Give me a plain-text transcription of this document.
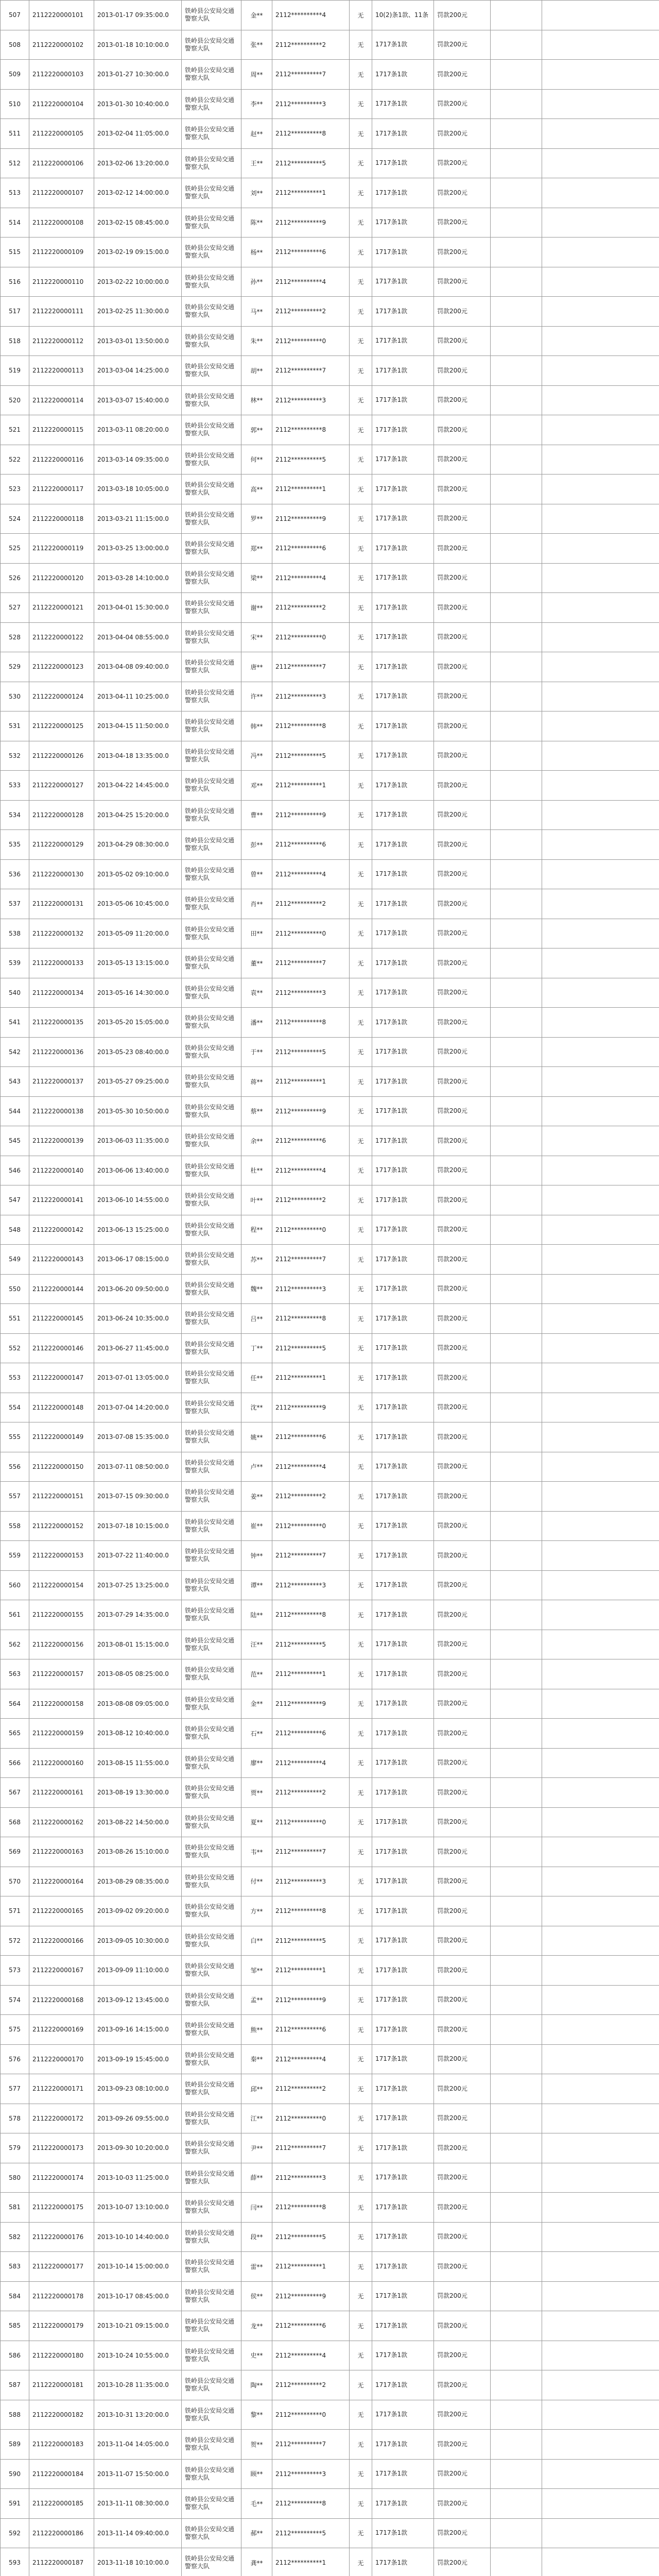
507	2112220000101	2013-01-17 09:35:00.0	铁岭县公安局交通警察大队	金**	2112**********4	无	10(2)条1款、11条	罚款200元		
508	2112220000102	2013-01-18 10:10:00.0	铁岭县公安局交通警察大队	张**	2112**********2	无	1717条1款	罚款200元		
509	2112220000103	2013-01-27 10:30:00.0	铁岭县公安局交通警察大队	周**	2112**********7	无	1717条1款	罚款200元		
510	2112220000104	2013-01-30 10:40:00.0	铁岭县公安局交通警察大队	李**	2112**********3	无	1717条1款	罚款200元		
511	2112220000105	2013-02-04 11:05:00.0	铁岭县公安局交通警察大队	赵**	2112**********8	无	1717条1款	罚款200元		
512	2112220000106	2013-02-06 13:20:00.0	铁岭县公安局交通警察大队	王**	2112**********5	无	1717条1款	罚款200元		
513	2112220000107	2013-02-12 14:00:00.0	铁岭县公安局交通警察大队	刘**	2112**********1	无	1717条1款	罚款200元		
514	2112220000108	2013-02-15 08:45:00.0	铁岭县公安局交通警察大队	陈**	2112**********9	无	1717条1款	罚款200元		
515	2112220000109	2013-02-19 09:15:00.0	铁岭县公安局交通警察大队	杨**	2112**********6	无	1717条1款	罚款200元		
516	2112220000110	2013-02-22 10:00:00.0	铁岭县公安局交通警察大队	孙**	2112**********4	无	1717条1款	罚款200元		
517	2112220000111	2013-02-25 11:30:00.0	铁岭县公安局交通警察大队	马**	2112**********2	无	1717条1款	罚款200元		
518	2112220000112	2013-03-01 13:50:00.0	铁岭县公安局交通警察大队	朱**	2112**********0	无	1717条1款	罚款200元		
519	2112220000113	2013-03-04 14:25:00.0	铁岭县公安局交通警察大队	胡**	2112**********7	无	1717条1款	罚款200元		
520	2112220000114	2013-03-07 15:40:00.0	铁岭县公安局交通警察大队	林**	2112**********3	无	1717条1款	罚款200元		
521	2112220000115	2013-03-11 08:20:00.0	铁岭县公安局交通警察大队	郭**	2112**********8	无	1717条1款	罚款200元		
522	2112220000116	2013-03-14 09:35:00.0	铁岭县公安局交通警察大队	何**	2112**********5	无	1717条1款	罚款200元		
523	2112220000117	2013-03-18 10:05:00.0	铁岭县公安局交通警察大队	高**	2112**********1	无	1717条1款	罚款200元		
524	2112220000118	2013-03-21 11:15:00.0	铁岭县公安局交通警察大队	罗**	2112**********9	无	1717条1款	罚款200元		
525	2112220000119	2013-03-25 13:00:00.0	铁岭县公安局交通警察大队	郑**	2112**********6	无	1717条1款	罚款200元		
526	2112220000120	2013-03-28 14:10:00.0	铁岭县公安局交通警察大队	梁**	2112**********4	无	1717条1款	罚款200元		
527	2112220000121	2013-04-01 15:30:00.0	铁岭县公安局交通警察大队	谢**	2112**********2	无	1717条1款	罚款200元		
528	2112220000122	2013-04-04 08:55:00.0	铁岭县公安局交通警察大队	宋**	2112**********0	无	1717条1款	罚款200元		
529	2112220000123	2013-04-08 09:40:00.0	铁岭县公安局交通警察大队	唐**	2112**********7	无	1717条1款	罚款200元		
530	2112220000124	2013-04-11 10:25:00.0	铁岭县公安局交通警察大队	许**	2112**********3	无	1717条1款	罚款200元		
531	2112220000125	2013-04-15 11:50:00.0	铁岭县公安局交通警察大队	韩**	2112**********8	无	1717条1款	罚款200元		
532	2112220000126	2013-04-18 13:35:00.0	铁岭县公安局交通警察大队	冯**	2112**********5	无	1717条1款	罚款200元		
533	2112220000127	2013-04-22 14:45:00.0	铁岭县公安局交通警察大队	邓**	2112**********1	无	1717条1款	罚款200元		
534	2112220000128	2013-04-25 15:20:00.0	铁岭县公安局交通警察大队	曹**	2112**********9	无	1717条1款	罚款200元		
535	2112220000129	2013-04-29 08:30:00.0	铁岭县公安局交通警察大队	彭**	2112**********6	无	1717条1款	罚款200元		
536	2112220000130	2013-05-02 09:10:00.0	铁岭县公安局交通警察大队	曾**	2112**********4	无	1717条1款	罚款200元		
537	2112220000131	2013-05-06 10:45:00.0	铁岭县公安局交通警察大队	肖**	2112**********2	无	1717条1款	罚款200元		
538	2112220000132	2013-05-09 11:20:00.0	铁岭县公安局交通警察大队	田**	2112**********0	无	1717条1款	罚款200元		
539	2112220000133	2013-05-13 13:15:00.0	铁岭县公安局交通警察大队	董**	2112**********7	无	1717条1款	罚款200元		
540	2112220000134	2013-05-16 14:30:00.0	铁岭县公安局交通警察大队	袁**	2112**********3	无	1717条1款	罚款200元		
541	2112220000135	2013-05-20 15:05:00.0	铁岭县公安局交通警察大队	潘**	2112**********8	无	1717条1款	罚款200元		
542	2112220000136	2013-05-23 08:40:00.0	铁岭县公安局交通警察大队	于**	2112**********5	无	1717条1款	罚款200元		
543	2112220000137	2013-05-27 09:25:00.0	铁岭县公安局交通警察大队	蒋**	2112**********1	无	1717条1款	罚款200元		
544	2112220000138	2013-05-30 10:50:00.0	铁岭县公安局交通警察大队	蔡**	2112**********9	无	1717条1款	罚款200元		
545	2112220000139	2013-06-03 11:35:00.0	铁岭县公安局交通警察大队	余**	2112**********6	无	1717条1款	罚款200元		
546	2112220000140	2013-06-06 13:40:00.0	铁岭县公安局交通警察大队	杜**	2112**********4	无	1717条1款	罚款200元		
547	2112220000141	2013-06-10 14:55:00.0	铁岭县公安局交通警察大队	叶**	2112**********2	无	1717条1款	罚款200元		
548	2112220000142	2013-06-13 15:25:00.0	铁岭县公安局交通警察大队	程**	2112**********0	无	1717条1款	罚款200元		
549	2112220000143	2013-06-17 08:15:00.0	铁岭县公安局交通警察大队	苏**	2112**********7	无	1717条1款	罚款200元		
550	2112220000144	2013-06-20 09:50:00.0	铁岭县公安局交通警察大队	魏**	2112**********3	无	1717条1款	罚款200元		
551	2112220000145	2013-06-24 10:35:00.0	铁岭县公安局交通警察大队	吕**	2112**********8	无	1717条1款	罚款200元		
552	2112220000146	2013-06-27 11:45:00.0	铁岭县公安局交通警察大队	丁**	2112**********5	无	1717条1款	罚款200元		
553	2112220000147	2013-07-01 13:05:00.0	铁岭县公安局交通警察大队	任**	2112**********1	无	1717条1款	罚款200元		
554	2112220000148	2013-07-04 14:20:00.0	铁岭县公安局交通警察大队	沈**	2112**********9	无	1717条1款	罚款200元		
555	2112220000149	2013-07-08 15:35:00.0	铁岭县公安局交通警察大队	姚**	2112**********6	无	1717条1款	罚款200元		
556	2112220000150	2013-07-11 08:50:00.0	铁岭县公安局交通警察大队	卢**	2112**********4	无	1717条1款	罚款200元		
557	2112220000151	2013-07-15 09:30:00.0	铁岭县公安局交通警察大队	姜**	2112**********2	无	1717条1款	罚款200元		
558	2112220000152	2013-07-18 10:15:00.0	铁岭县公安局交通警察大队	崔**	2112**********0	无	1717条1款	罚款200元		
559	2112220000153	2013-07-22 11:40:00.0	铁岭县公安局交通警察大队	钟**	2112**********7	无	1717条1款	罚款200元		
560	2112220000154	2013-07-25 13:25:00.0	铁岭县公安局交通警察大队	谭**	2112**********3	无	1717条1款	罚款200元		
561	2112220000155	2013-07-29 14:35:00.0	铁岭县公安局交通警察大队	陆**	2112**********8	无	1717条1款	罚款200元		
562	2112220000156	2013-08-01 15:15:00.0	铁岭县公安局交通警察大队	汪**	2112**********5	无	1717条1款	罚款200元		
563	2112220000157	2013-08-05 08:25:00.0	铁岭县公安局交通警察大队	范**	2112**********1	无	1717条1款	罚款200元		
564	2112220000158	2013-08-08 09:05:00.0	铁岭县公安局交通警察大队	金**	2112**********9	无	1717条1款	罚款200元		
565	2112220000159	2013-08-12 10:40:00.0	铁岭县公安局交通警察大队	石**	2112**********6	无	1717条1款	罚款200元		
566	2112220000160	2013-08-15 11:55:00.0	铁岭县公安局交通警察大队	廖**	2112**********4	无	1717条1款	罚款200元		
567	2112220000161	2013-08-19 13:30:00.0	铁岭县公安局交通警察大队	贾**	2112**********2	无	1717条1款	罚款200元		
568	2112220000162	2013-08-22 14:50:00.0	铁岭县公安局交通警察大队	夏**	2112**********0	无	1717条1款	罚款200元		
569	2112220000163	2013-08-26 15:10:00.0	铁岭县公安局交通警察大队	韦**	2112**********7	无	1717条1款	罚款200元		
570	2112220000164	2013-08-29 08:35:00.0	铁岭县公安局交通警察大队	付**	2112**********3	无	1717条1款	罚款200元		
571	2112220000165	2013-09-02 09:20:00.0	铁岭县公安局交通警察大队	方**	2112**********8	无	1717条1款	罚款200元		
572	2112220000166	2013-09-05 10:30:00.0	铁岭县公安局交通警察大队	白**	2112**********5	无	1717条1款	罚款200元		
573	2112220000167	2013-09-09 11:10:00.0	铁岭县公安局交通警察大队	邹**	2112**********1	无	1717条1款	罚款200元		
574	2112220000168	2013-09-12 13:45:00.0	铁岭县公安局交通警察大队	孟**	2112**********9	无	1717条1款	罚款200元		
575	2112220000169	2013-09-16 14:15:00.0	铁岭县公安局交通警察大队	熊**	2112**********6	无	1717条1款	罚款200元		
576	2112220000170	2013-09-19 15:45:00.0	铁岭县公安局交通警察大队	秦**	2112**********4	无	1717条1款	罚款200元		
577	2112220000171	2013-09-23 08:10:00.0	铁岭县公安局交通警察大队	邱**	2112**********2	无	1717条1款	罚款200元		
578	2112220000172	2013-09-26 09:55:00.0	铁岭县公安局交通警察大队	江**	2112**********0	无	1717条1款	罚款200元		
579	2112220000173	2013-09-30 10:20:00.0	铁岭县公安局交通警察大队	尹**	2112**********7	无	1717条1款	罚款200元		
580	2112220000174	2013-10-03 11:25:00.0	铁岭县公安局交通警察大队	薛**	2112**********3	无	1717条1款	罚款200元		
581	2112220000175	2013-10-07 13:10:00.0	铁岭县公安局交通警察大队	闫**	2112**********8	无	1717条1款	罚款200元		
582	2112220000176	2013-10-10 14:40:00.0	铁岭县公安局交通警察大队	段**	2112**********5	无	1717条1款	罚款200元		
583	2112220000177	2013-10-14 15:00:00.0	铁岭县公安局交通警察大队	雷**	2112**********1	无	1717条1款	罚款200元		
584	2112220000178	2013-10-17 08:45:00.0	铁岭县公安局交通警察大队	侯**	2112**********9	无	1717条1款	罚款200元		
585	2112220000179	2013-10-21 09:15:00.0	铁岭县公安局交通警察大队	龙**	2112**********6	无	1717条1款	罚款200元		
586	2112220000180	2013-10-24 10:55:00.0	铁岭县公安局交通警察大队	史**	2112**********4	无	1717条1款	罚款200元		
587	2112220000181	2013-10-28 11:35:00.0	铁岭县公安局交通警察大队	陶**	2112**********2	无	1717条1款	罚款200元		
588	2112220000182	2013-10-31 13:20:00.0	铁岭县公安局交通警察大队	黎**	2112**********0	无	1717条1款	罚款200元		
589	2112220000183	2013-11-04 14:05:00.0	铁岭县公安局交通警察大队	贺**	2112**********7	无	1717条1款	罚款200元		
590	2112220000184	2013-11-07 15:50:00.0	铁岭县公安局交通警察大队	顾**	2112**********3	无	1717条1款	罚款200元		
591	2112220000185	2013-11-11 08:30:00.0	铁岭县公安局交通警察大队	毛**	2112**********8	无	1717条1款	罚款200元		
592	2112220000186	2013-11-14 09:40:00.0	铁岭县公安局交通警察大队	郝**	2112**********5	无	1717条1款	罚款200元		
593	2112220000187	2013-11-18 10:10:00.0	铁岭县公安局交通警察大队	龚**	2112**********1	无	1717条1款	罚款200元		
